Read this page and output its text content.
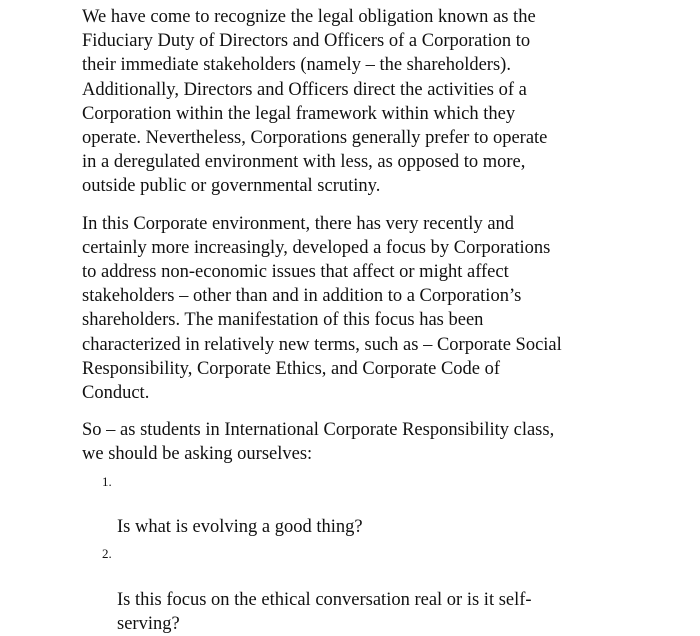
We have come to recognize the legal obligation known as the
Fiduciary Duty of Directors and Officers of a Corporation to
their immediate stakeholders (namely – the shareholders).
Additionally, Directors and Officers direct the activities of a
Corporation within the legal framework within which they
operate. Nevertheless, Corporations generally prefer to operate
in a deregulated environment with less, as opposed to more,
outside public or governmental scrutiny.

In this Corporate environment, there has very recently and
certainly more increasingly, developed a focus by Corporations
to address non-economic issues that affect or might affect
stakeholders – other than and in addition to a Corporation’s
shareholders. The manifestation of this focus has been
characterized in relatively new terms, such as – Corporate Social
Responsibility, Corporate Ethics, and Corporate Code of
Conduct.

So – as students in International Corporate Responsibility class,
we should be asking ourselves:

1.

Is what is evolving a good thing?

2.

Is this focus on the ethical conversation real or is it self-
serving?
